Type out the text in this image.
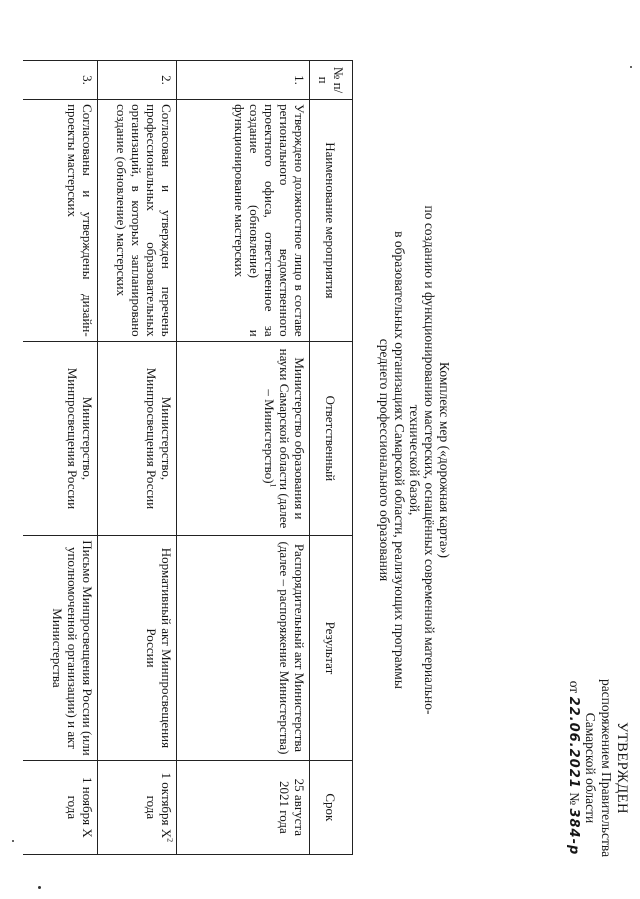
УТВЕРЖДЕН
распоряжением Правительства
Самарской области
от 22.06.2021 № 384-р
Комплекс мер («дорожная карта»)
по созданию и функционированию мастерских, оснащённых современной материально-технической базой,
в образовательных организациях Самарской области, реализующих программы
среднего профессионального образования
№ п/п	Наименование мероприятия	Ответственный	Результат	Срок
1.	Утверждено должностное лицо в составе регионального ведомственного проектного офиса, ответственное за создание (обновление) и функционирование мастерских	Министерство образования и науки Самарской области (далее – Министерство)$^1$	Распорядительный акт Министерства (далее – распоряжение Министерства)	25 августа 2021 года
2.	Согласован и утвержден перечень профессиональных образовательных организаций, в которых запланировано создание (обновление) мастерских	Министерство, Минпросвещения России	Нормативный акт Минпросвещения России	1 октября $X^2$ года
3.	Согласованы и утверждены дизайн-проекты мастерских	Министерство, Минпросвещения России	Письмо Минпросвещения России (или уполномоченной организации) и акт Министерства	1 ноября X года
